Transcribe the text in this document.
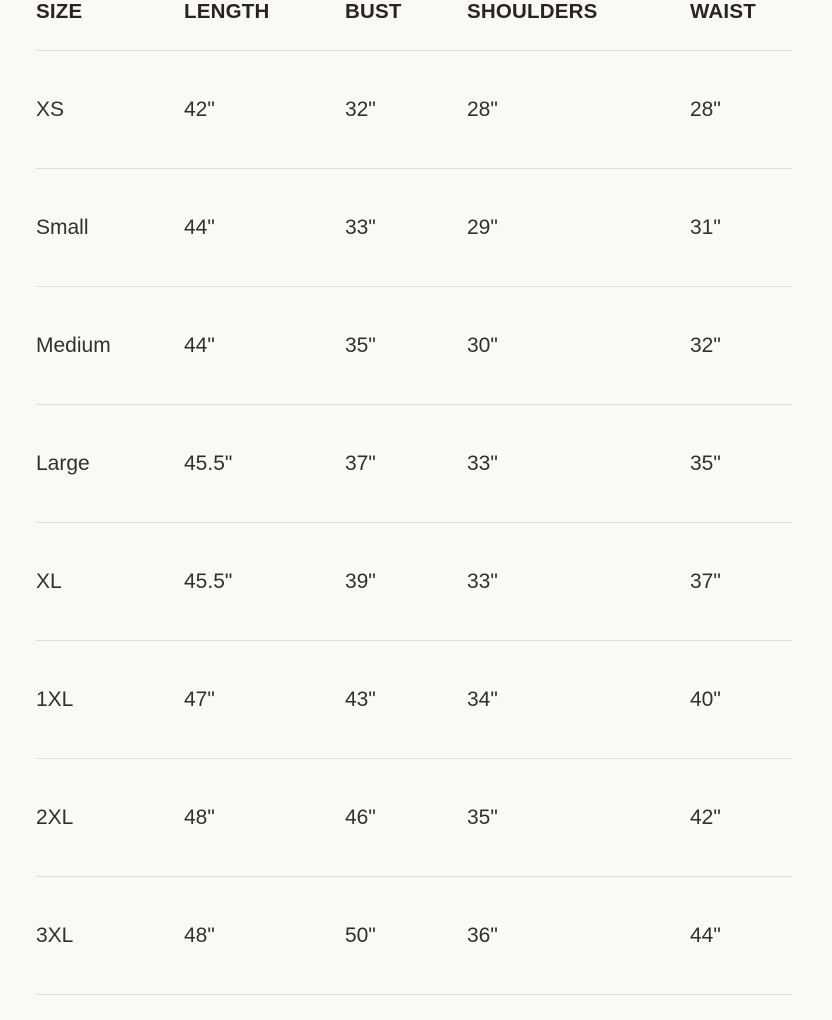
SIZE	LENGTH	BUST	SHOULDERS	WAIST
XS	42"	32"	28"	28"
Small	44"	33"	29"	31"
Medium	44"	35"	30"	32"
Large	45.5"	37"	33"	35"
XL	45.5"	39"	33"	37"
1XL	47"	43"	34"	40"
2XL	48"	46"	35"	42"
3XL	48"	50"	36"	44"
